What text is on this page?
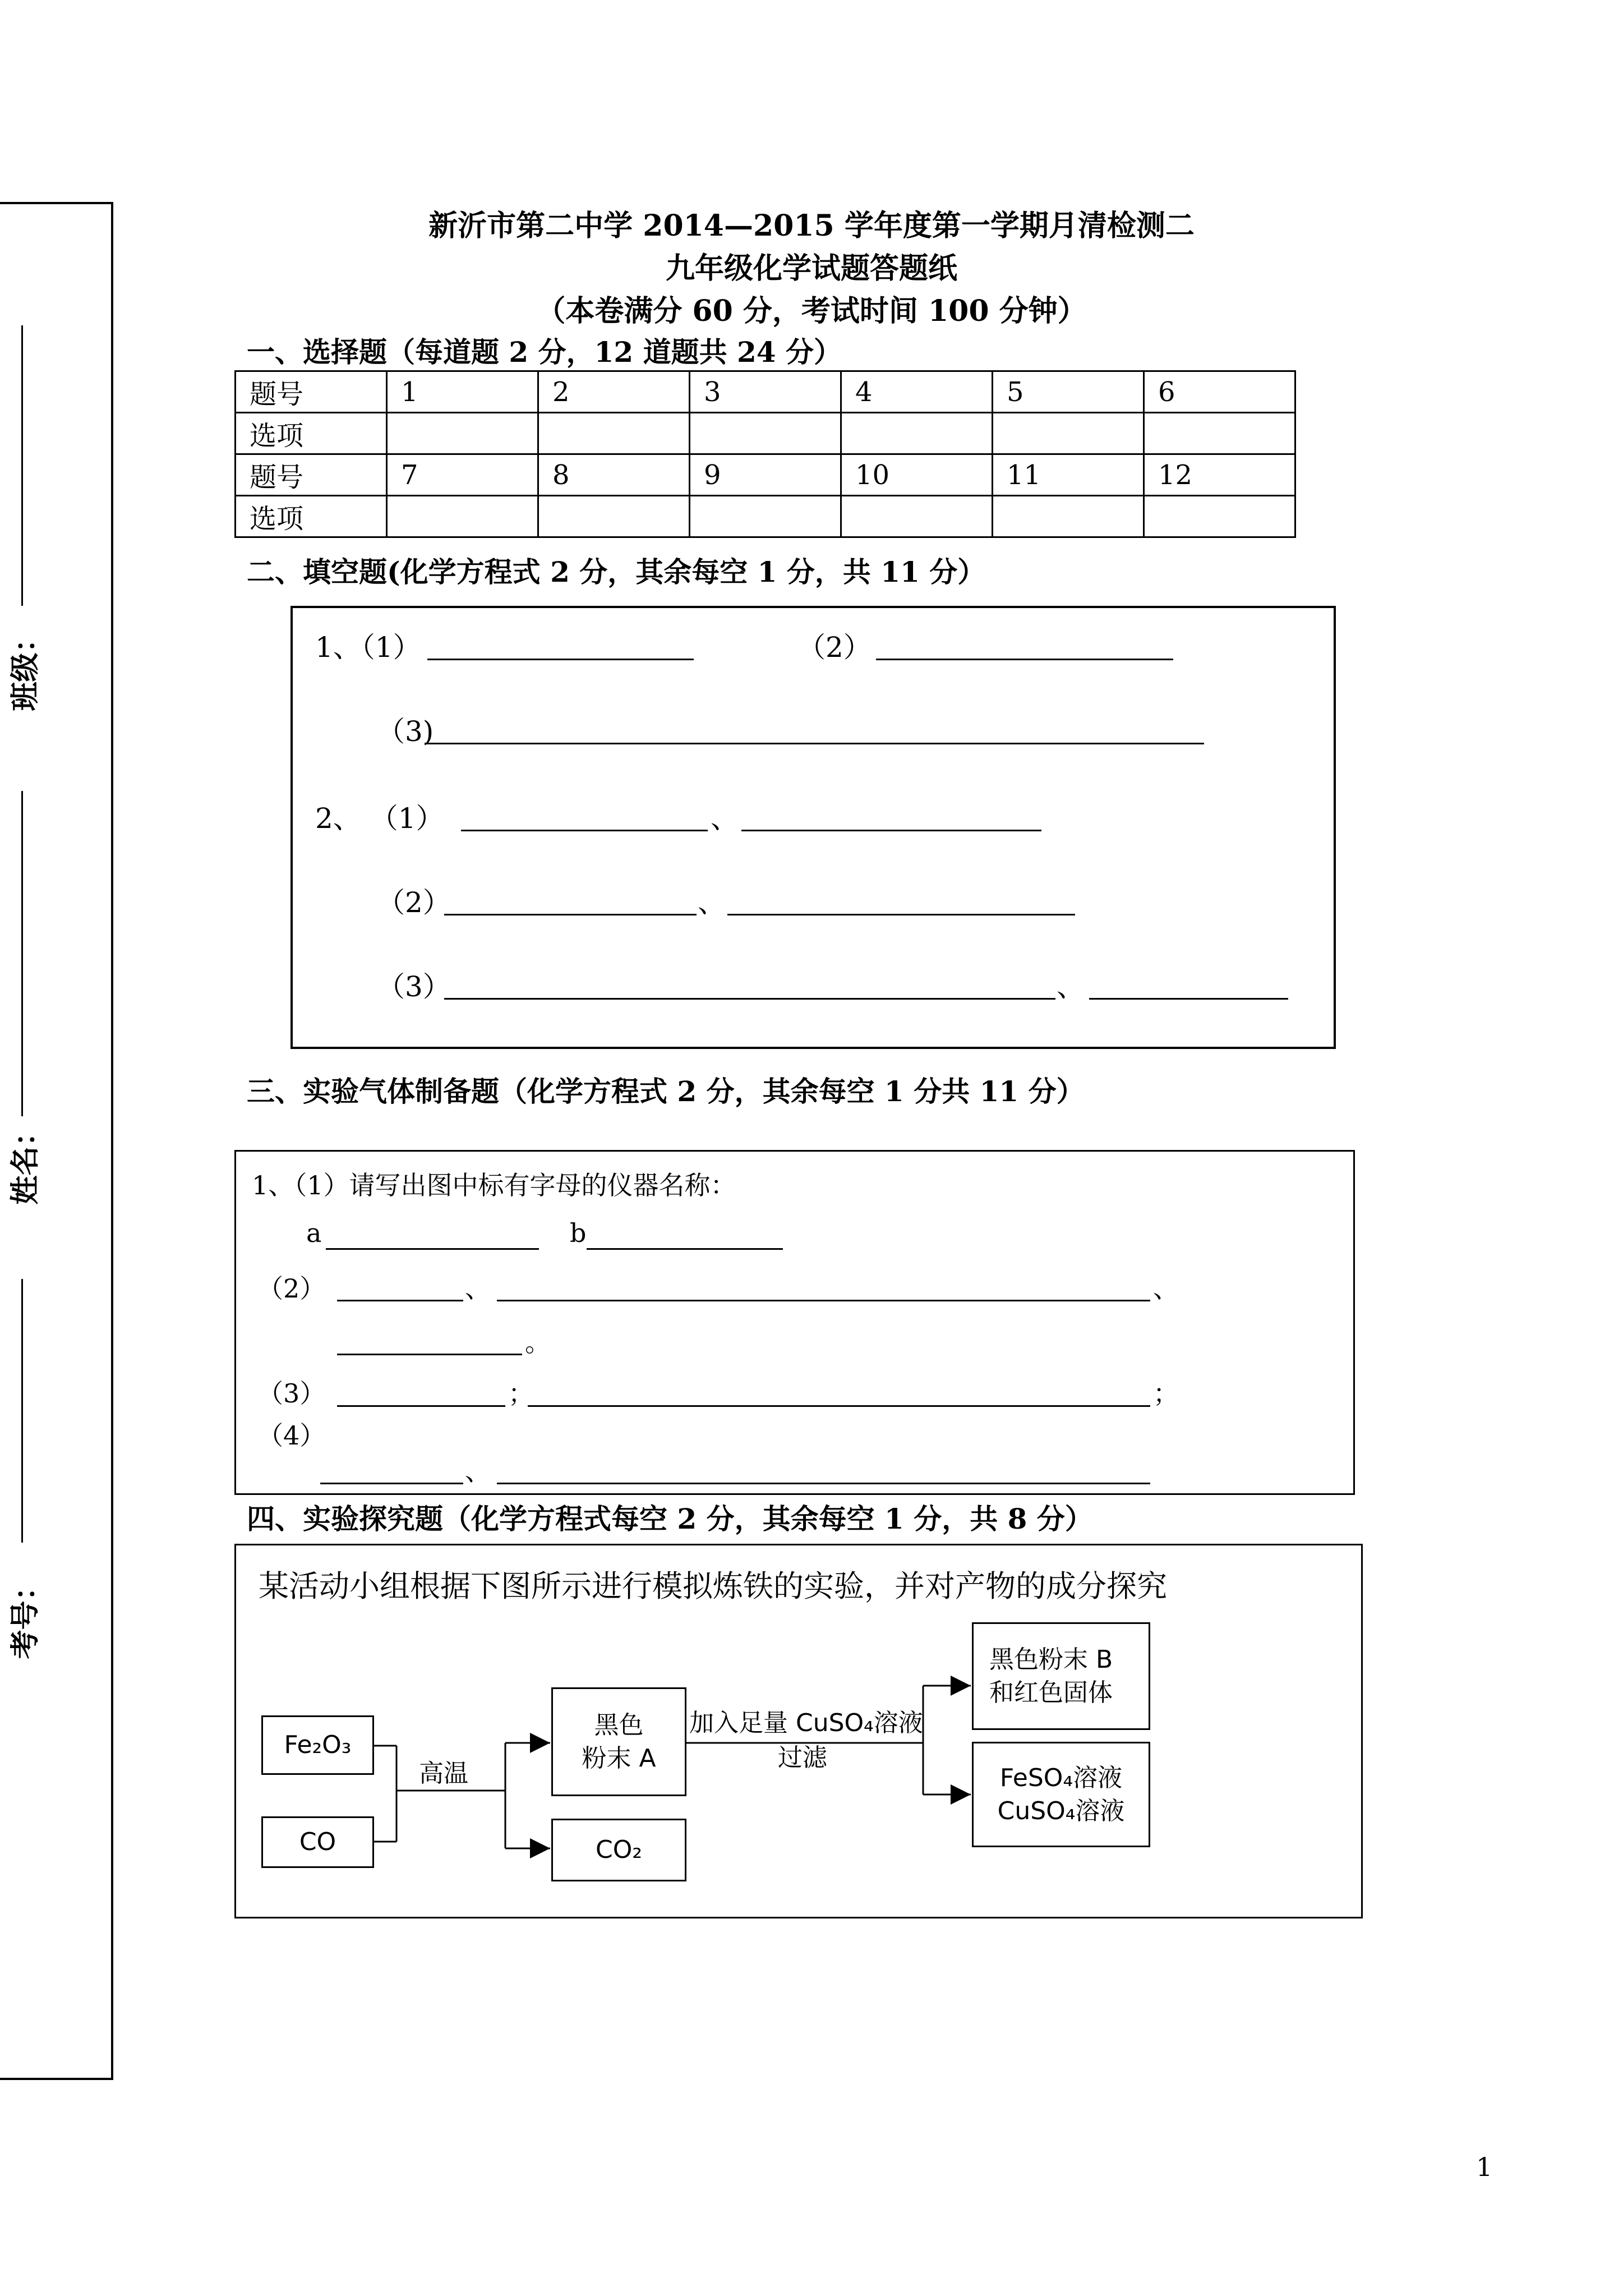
班级：
姓名：
考号：
新沂市第二中学 2014—2015 学年度第一学期月清检测二
九年级化学试题答题纸
（本卷满分 60 分，考试时间 100 分钟）
一、选择题（每道题 2 分，12 道题共 24 分）
题号	1	2	3	4	5	6
选项						
题号	7	8	9	10	11	12
选项						
二、填空题(化学方程式 2 分，其余每空 1 分，共 11 分）
1、（1）	（2）
（3)
2、 （1）	、
（2）	、
（3）	、
三、实验气体制备题（化学方程式 2 分，其余每空 1 分共 11 分）
1、（1）请写出图中标有字母的仪器名称：
a	b
（2）	、	、
。
（3）	；	；
（4）
、
四、实验探究题（化学方程式每空 2 分，其余每空 1 分，共 8 分）
某活动小组根据下图所示进行模拟炼铁的实验，并对产物的成分探究
Fe₂O₃
CO
高温
黑色
粉末 A
CO₂
加入足量 CuSO₄溶液
过滤
黑色粉末 B
和红色固体
FeSO₄溶液
CuSO₄溶液
1
